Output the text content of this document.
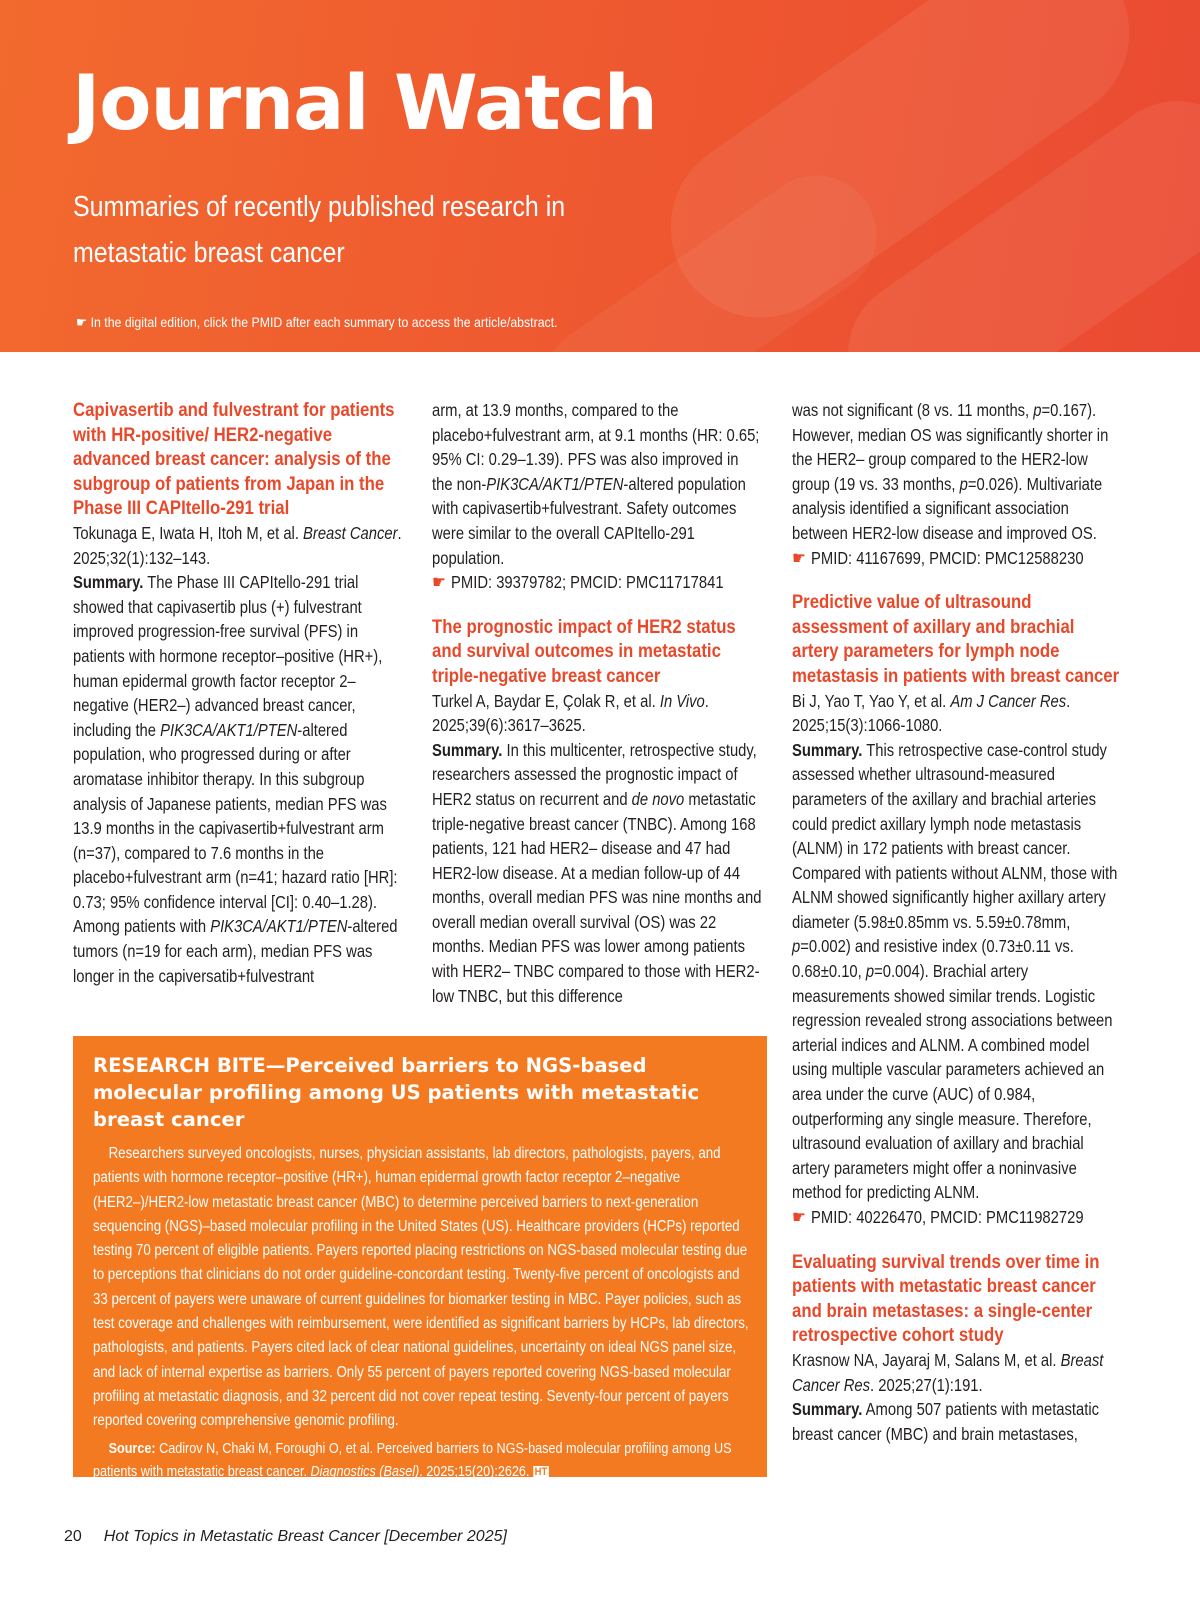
Journal Watch
Summaries of recently published research in metastatic breast cancer
☛ In the digital edition, click the PMID after each summary to access the article/abstract.
Capivasertib and fulvestrant for patients with HR-positive/ HER2-negative advanced breast cancer: analysis of the subgroup of patients from Japan in the Phase III CAPItello-291 trial
Tokunaga E, Iwata H, Itoh M, et al. Breast Cancer. 2025;32(1):132–143.
Summary. The Phase III CAPItello-291 trial showed that capivasertib plus (+) fulvestrant improved progression-free survival (PFS) in patients with hormone receptor–positive (HR+), human epidermal growth factor receptor 2–negative (HER2–) advanced breast cancer, including the PIK3CA/AKT1/PTEN-altered population, who progressed during or after aromatase inhibitor therapy. In this subgroup analysis of Japanese patients, median PFS was 13.9 months in the capivasertib+fulvestrant arm (n=37), compared to 7.6 months in the placebo+fulvestrant arm (n=41; hazard ratio [HR]: 0.73; 95% confidence interval [CI]: 0.40–1.28). Among patients with PIK3CA/AKT1/PTEN-altered tumors (n=19 for each arm), median PFS was longer in the capiversatib+fulvestrant
arm, at 13.9 months, compared to the placebo+fulvestrant arm, at 9.1 months (HR: 0.65; 95% CI: 0.29–1.39). PFS was also improved in the non-PIK3CA/AKT1/PTEN-altered population with capivasertib+fulvestrant. Safety outcomes were similar to the overall CAPItello-291 population.
☛ PMID: 39379782; PMCID: PMC11717841
The prognostic impact of HER2 status and survival outcomes in metastatic triple-negative breast cancer
Turkel A, Baydar E, Çolak R, et al. In Vivo. 2025;39(6):3617–3625.
Summary. In this multicenter, retrospective study, researchers assessed the prognostic impact of HER2 status on recurrent and de novo metastatic triple-negative breast cancer (TNBC). Among 168 patients, 121 had HER2– disease and 47 had HER2-low disease. At a median follow-up of 44 months, overall median PFS was nine months and overall median overall survival (OS) was 22 months. Median PFS was lower among patients with HER2– TNBC compared to those with HER2-low TNBC, but this difference
was not significant (8 vs. 11 months, p=0.167). However, median OS was significantly shorter in the HER2– group compared to the HER2-low group (19 vs. 33 months, p=0.026). Multivariate analysis identified a significant association between HER2-low disease and improved OS.
☛ PMID: 41167699, PMCID: PMC12588230
Predictive value of ultrasound assessment of axillary and brachial artery parameters for lymph node metastasis in patients with breast cancer
Bi J, Yao T, Yao Y, et al. Am J Cancer Res. 2025;15(3):1066-1080.
Summary. This retrospective case-control study assessed whether ultrasound-measured parameters of the axillary and brachial arteries could predict axillary lymph node metastasis (ALNM) in 172 patients with breast cancer. Compared with patients without ALNM, those with ALNM showed significantly higher axillary artery diameter (5.98±0.85mm vs. 5.59±0.78mm, p=0.002) and resistive index (0.73±0.11 vs. 0.68±0.10, p=0.004). Brachial artery measurements showed similar trends. Logistic regression revealed strong associations between arterial indices and ALNM. A combined model using multiple vascular parameters achieved an area under the curve (AUC) of 0.984, outperforming any single measure. Therefore, ultrasound evaluation of axillary and brachial artery parameters might offer a noninvasive method for predicting ALNM.
☛ PMID: 40226470, PMCID: PMC11982729
Evaluating survival trends over time in patients with metastatic breast cancer and brain metastases: a single-center retrospective cohort study
Krasnow NA, Jayaraj M, Salans M, et al. Breast Cancer Res. 2025;27(1):191.
Summary. Among 507 patients with metastatic breast cancer (MBC) and brain metastases,
RESEARCH BITE—Perceived barriers to NGS-based molecular profiling among US patients with metastatic breast cancer
Researchers surveyed oncologists, nurses, physician assistants, lab directors, pathologists, payers, and patients with hormone receptor–positive (HR+), human epidermal growth factor receptor 2–negative (HER2–)/HER2-low metastatic breast cancer (MBC) to determine perceived barriers to next-generation sequencing (NGS)–based molecular profiling in the United States (US). Healthcare providers (HCPs) reported testing 70 percent of eligible patients. Payers reported placing restrictions on NGS-based molecular testing due to perceptions that clinicians do not order guideline-concordant testing. Twenty-five percent of oncologists and 33 percent of payers were unaware of current guidelines for biomarker testing in MBC. Payer policies, such as test coverage and challenges with reimbursement, were identified as significant barriers by HCPs, lab directors, pathologists, and patients. Payers cited lack of clear national guidelines, uncertainty on ideal NGS panel size, and lack of internal expertise as barriers. Only 55 percent of payers reported covering NGS-based molecular profiling at metastatic diagnosis, and 32 percent did not cover repeat testing. Seventy-four percent of payers reported covering comprehensive genomic profiling.
Source: Cadirov N, Chaki M, Foroughi O, et al. Perceived barriers to NGS-based molecular profiling among US patients with metastatic breast cancer. Diagnostics (Basel). 2025;15(20):2626. HT
20 Hot Topics in Metastatic Breast Cancer [December 2025]
